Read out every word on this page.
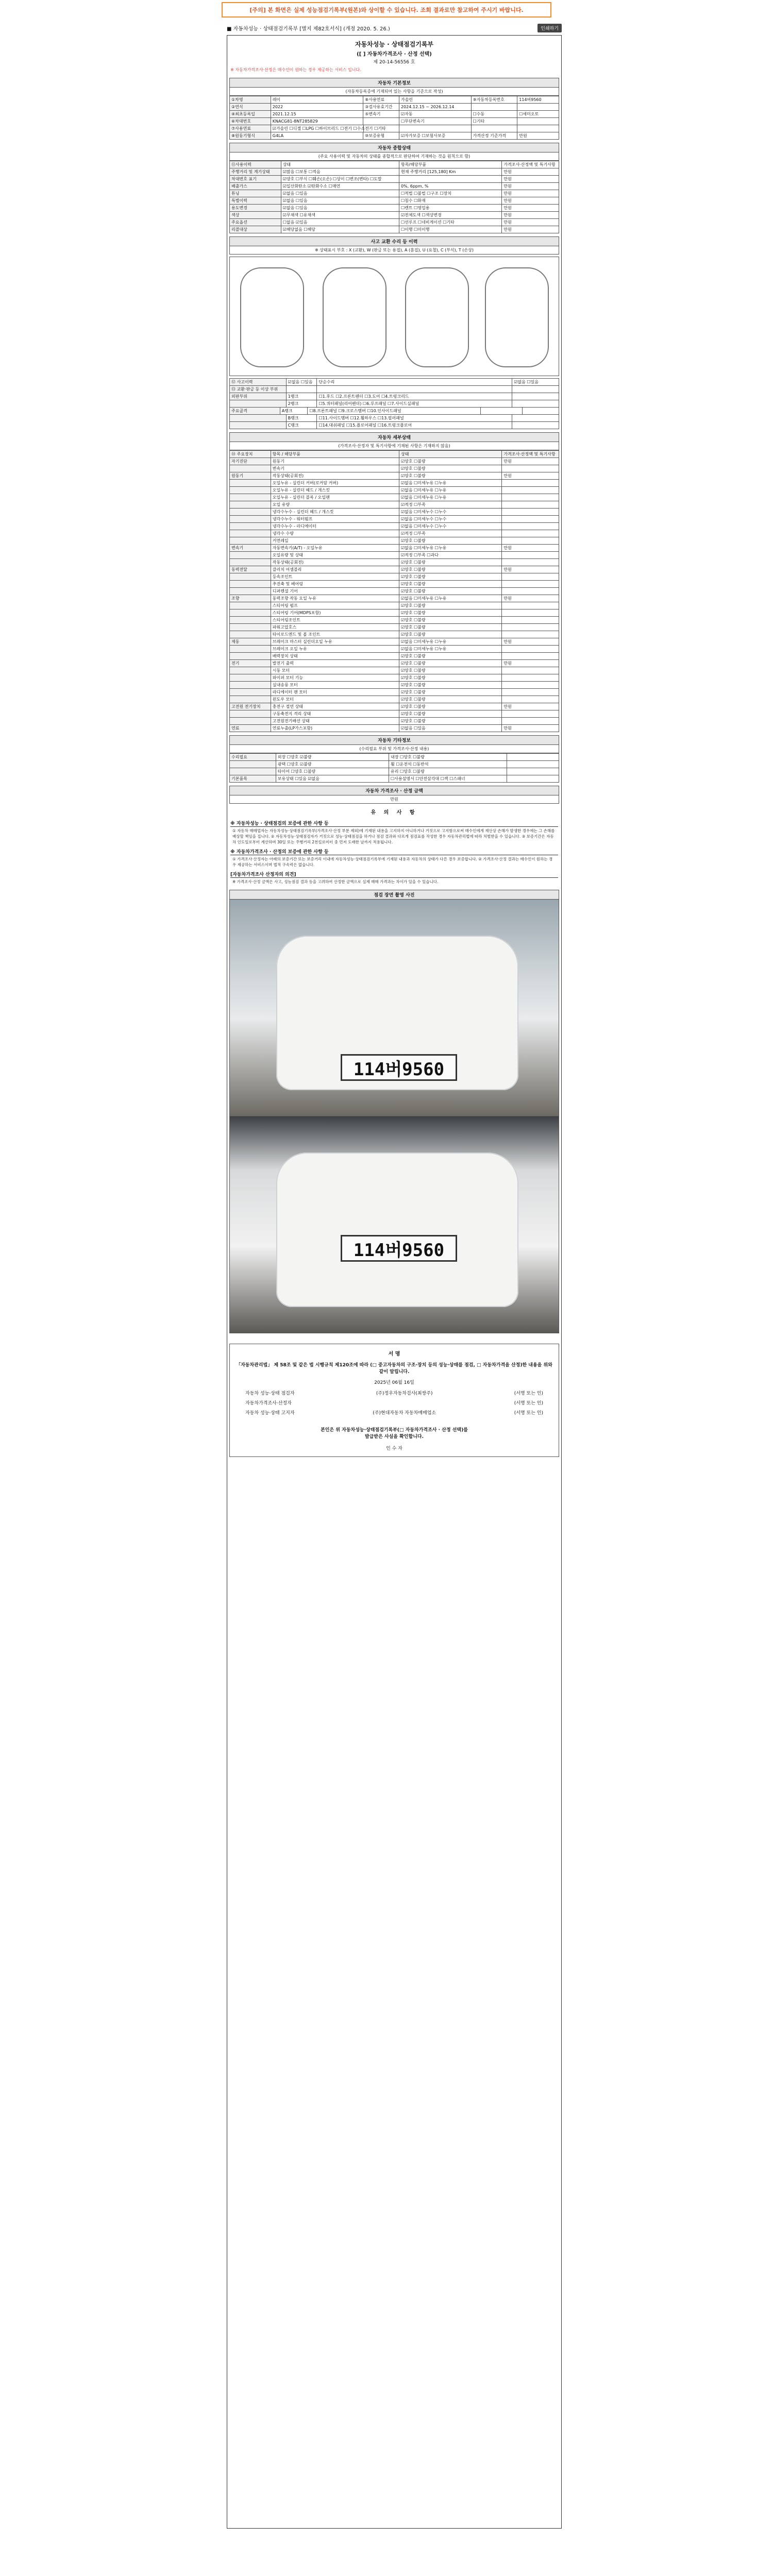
[주의] 본 화면은 실제 성능점검기록부(원본)와 상이할 수 있습니다. 조회 결과로만 참고하여 주시기 바랍니다.
■ 자동차성능 · 상태점검기록부 [별지 제82호서식] (개정 2020. 5. 26.)	인쇄하기
자동차성능 · 상태점검기록부
([ ] 자동차가격조사 · 산정 선택)
제 20-14-56556 호
※ 자동차가격조사·산정은 매수인이 원하는 경우 제공하는 서비스 입니다.
자동차 기본정보
(자동차등록증에 기재되어 있는 사항을 기준으로 작성)
①차명	레이	⑧사용연료	가솔린	⑨자동차등록번호	114버9560
②연식	2022	③검사유효기간	2024.12.15 ~ 2026.12.14
④최초등록일	2021.12.15	⑤변속기	☑자동	☐수동	☐세미오토
⑥차대번호	KNACG81-8NT285829	☐무단변속기	☐기타
⑦사용연료	☑가솔린 ☐디젤 ☐LPG ☐하이브리드 ☐전기 ☐수소전기 ☐기타
⑧원동기형식	G4LA	⑩보증유형	☑자가보증 ☐보험사보증	가격산정 기준가격	만원
자동차 종합상태
(주요 사용이력 및 자동차의 상태를 종합적으로 판단하여 기재하는 것을 원칙으로 함)
⑪사용이력	상태	항목/해당부품	가격조사·산정액 및 특기사항
주행거리 및 계기상태	☑많음 ☐보통 ☐적음	현재 주행거리 [125,180] Km	만원
차대번호 표기	☑양호 ☐부식 ☐훼손(오손) ☐상이 ☐변조(변타) ☐도말	만원
배출가스	☑일산화탄소 ☑탄화수소 ☐매연	0%, 6ppm, %	만원
튜닝	☑없음 ☐있음	☐적법 ☐불법 ☐구조 ☐장치	만원
특별이력	☑없음 ☐있음	☐침수 ☐화재	만원
용도변경	☑없음 ☐있음	☐렌트 ☐영업용	만원
색상	☑무채색 ☐유채색	☑전체도색 ☐색상변경	만원
주요옵션	☐없음 ☑있음	☐선루프 ☐네비게이션 ☐기타	만원
리콜대상	☑해당없음 ☐해당	☐이행 ☐미이행	만원
사고 교환 수리 등 이력
※ 상태표시 부호 : X (교환), W (판금 또는 용접), A (흠집), U (요철), C (부식), T (손상)
⑫ 사고이력	☑없음 ☐있음	단순수리	☑없음 ☐있음
⑬ 교환·판금 등 이상 부위
외판부위	1랭크	☐1.후드 ☐2.프론트펜더 ☐3.도어 ☐4.트렁크리드
2랭크	☐5.쿼터패널(리어펜더) ☐6.루프패널 ☐7.사이드실패널
주요골격	A랭크	☐8.프론트패널 ☐9.크로스멤버 ☐10.인사이드패널
B랭크	☐11.사이드멤버 ☐12.휠하우스 ☐13.필러패널
C랭크	☐14.대쉬패널 ☐15.플로어패널 ☐16.트렁크플로어
자동차 세부상태
(가격조사·산정자 및 특기사항에 기재된 사항은 기재하지 않음)
⑭ 주요장치	항목 / 해당부품	상태	가격조사·산정액 및 특기사항
자기진단	원동기	☑양호 ☐불량	만원
변속기	☑양호 ☐불량
원동기	작동상태(공회전)	☑양호 ☐불량	만원
오일누유 - 실린더 커버(로커암 커버)	☑없음 ☐미세누유 ☐누유
오일누유 - 실린더 헤드 / 개스킷	☑없음 ☐미세누유 ☐누유
오일누유 - 실린더 블록 / 오일팬	☑없음 ☐미세누유 ☐누유
오일 유량	☑적정 ☐부족
냉각수누수 - 실린더 헤드 / 개스킷	☑없음 ☐미세누수 ☐누수
냉각수누수 - 워터펌프	☑없음 ☐미세누수 ☐누수
냉각수누수 - 라디에이터	☑없음 ☐미세누수 ☐누수
냉각수 수량	☑적정 ☐부족
커먼레일	☑양호 ☐불량
변속기	자동변속기(A/T) - 오일누유	☑없음 ☐미세누유 ☐누유	만원
오일유량 및 상태	☑적정 ☐부족 ☐과다
작동상태(공회전)	☑양호 ☐불량
동력전달	클러치 어셈블리	☑양호 ☐불량	만원
등속조인트	☑양호 ☐불량
추진축 및 베어링	☑양호 ☐불량
디퍼렌셜 기어	☑양호 ☐불량
조향	동력조향 작동 오일 누유	☑없음 ☐미세누유 ☐누유	만원
스티어링 펌프	☑양호 ☐불량
스티어링 기어(MDPS포함)	☑양호 ☐불량
스티어링조인트	☑양호 ☐불량
파워고압호스	☑양호 ☐불량
타이로드엔드 및 볼 조인트	☑양호 ☐불량
제동	브레이크 마스터 실린더오일 누유	☑없음 ☐미세누유 ☐누유	만원
브레이크 오일 누유	☑없음 ☐미세누유 ☐누유
배력장치 상태	☑양호 ☐불량
전기	발전기 출력	☑양호 ☐불량	만원
시동 모터	☑양호 ☐불량
와이퍼 모터 기능	☑양호 ☐불량
실내송풍 모터	☑양호 ☐불량
라디에이터 팬 모터	☑양호 ☐불량
윈도우 모터	☑양호 ☐불량
고전원 전기장치	충전구 절연 상태	☑양호 ☐불량	만원
구동축전지 격리 상태	☑양호 ☐불량
고전원전기배선 상태	☑양호 ☐불량
연료	연료누출(LP가스포함)	☑없음 ☐있음	만원
자동차 기타정보
(수리필요 부위 및 가격조사·산정 내용)
수리필요	외장 ☐양호 ☑불량	내장 ☐양호 ☐불량
광택 ☐양호 ☑불량	휠 ☐운전석 ☐동반석
타이어 ☐양호 ☐불량	유리 ☐양호 ☐불량
기본품목	보유상태 ☐있음 ☑없음	☐사용설명서 ☐안전삼각대 ☐잭 ☐스패너
자동차 가격조사 · 산정 금액
만원
유 의 사 항
※ 자동차성능 · 상태점검의 보증에 관한 사항 등
① 자동차 매매업자는 자동차성능·상태점검기록부(가격조사·산정 부분 제외)에 기재된 내용을 고지하지 아니하거나 거짓으로 고지함으로써 매수인에게 재산상 손해가 발생한 경우에는 그 손해를 배상할 책임을 집니다. ② 자동차성능·상태점검자가 거짓으로 성능·상태점검을 하거나 점검 결과와 다르게 점검표를 작성한 경우 자동차관리법에 따라 처벌받을 수 있습니다. ③ 보증기간은 자동차 인도일로부터 계산하며 30일 또는 주행거리 2천킬로미터 중 먼저 도래한 날까지 적용됩니다.
※ 자동차가격조사 · 산정의 보증에 관한 사항 등
① 가격조사·산정자는 아래의 보증기간 또는 보증거리 이내에 자동차성능·상태점검기록부에 기재된 내용과 자동차의 상태가 다른 경우 보증합니다. ② 가격조사·산정 결과는 매수인이 원하는 경우 제공하는 서비스이며 법적 구속력은 없습니다.
[자동차가격조사 산정자의 의견]
※ 가격조사·산정 금액은 사고, 성능점검 결과 등을 고려하여 산정한 금액으로 실제 매매 가격과는 차이가 있을 수 있습니다.
점검 장면 촬영 사진
114버9560
114버9560
서 명
「자동차관리법」 제 58조 및 같은 법 시행규칙 제120조에 따라 (□ 중고자동차의 구조·장치 등의 성능·상태를 점검, □ 자동차가격을 산정)한 내용을 위와 같이 알립니다.
2025년 06월 16일
자동차 성능·상태 점검자	(주)정우자동차검사(최쌍주)	(서명 또는 인)
자동차가격조사·산정자	(서명 또는 인)
자동차 성능·상태 고지자	(주)현대자동차 자동차매매업소	(서명 또는 인)
본인은 위 자동차성능·상태점검기록부(□ 자동차가격조사 · 산정 선택)를
발급받은 사실을 확인합니다.
인 수 자
